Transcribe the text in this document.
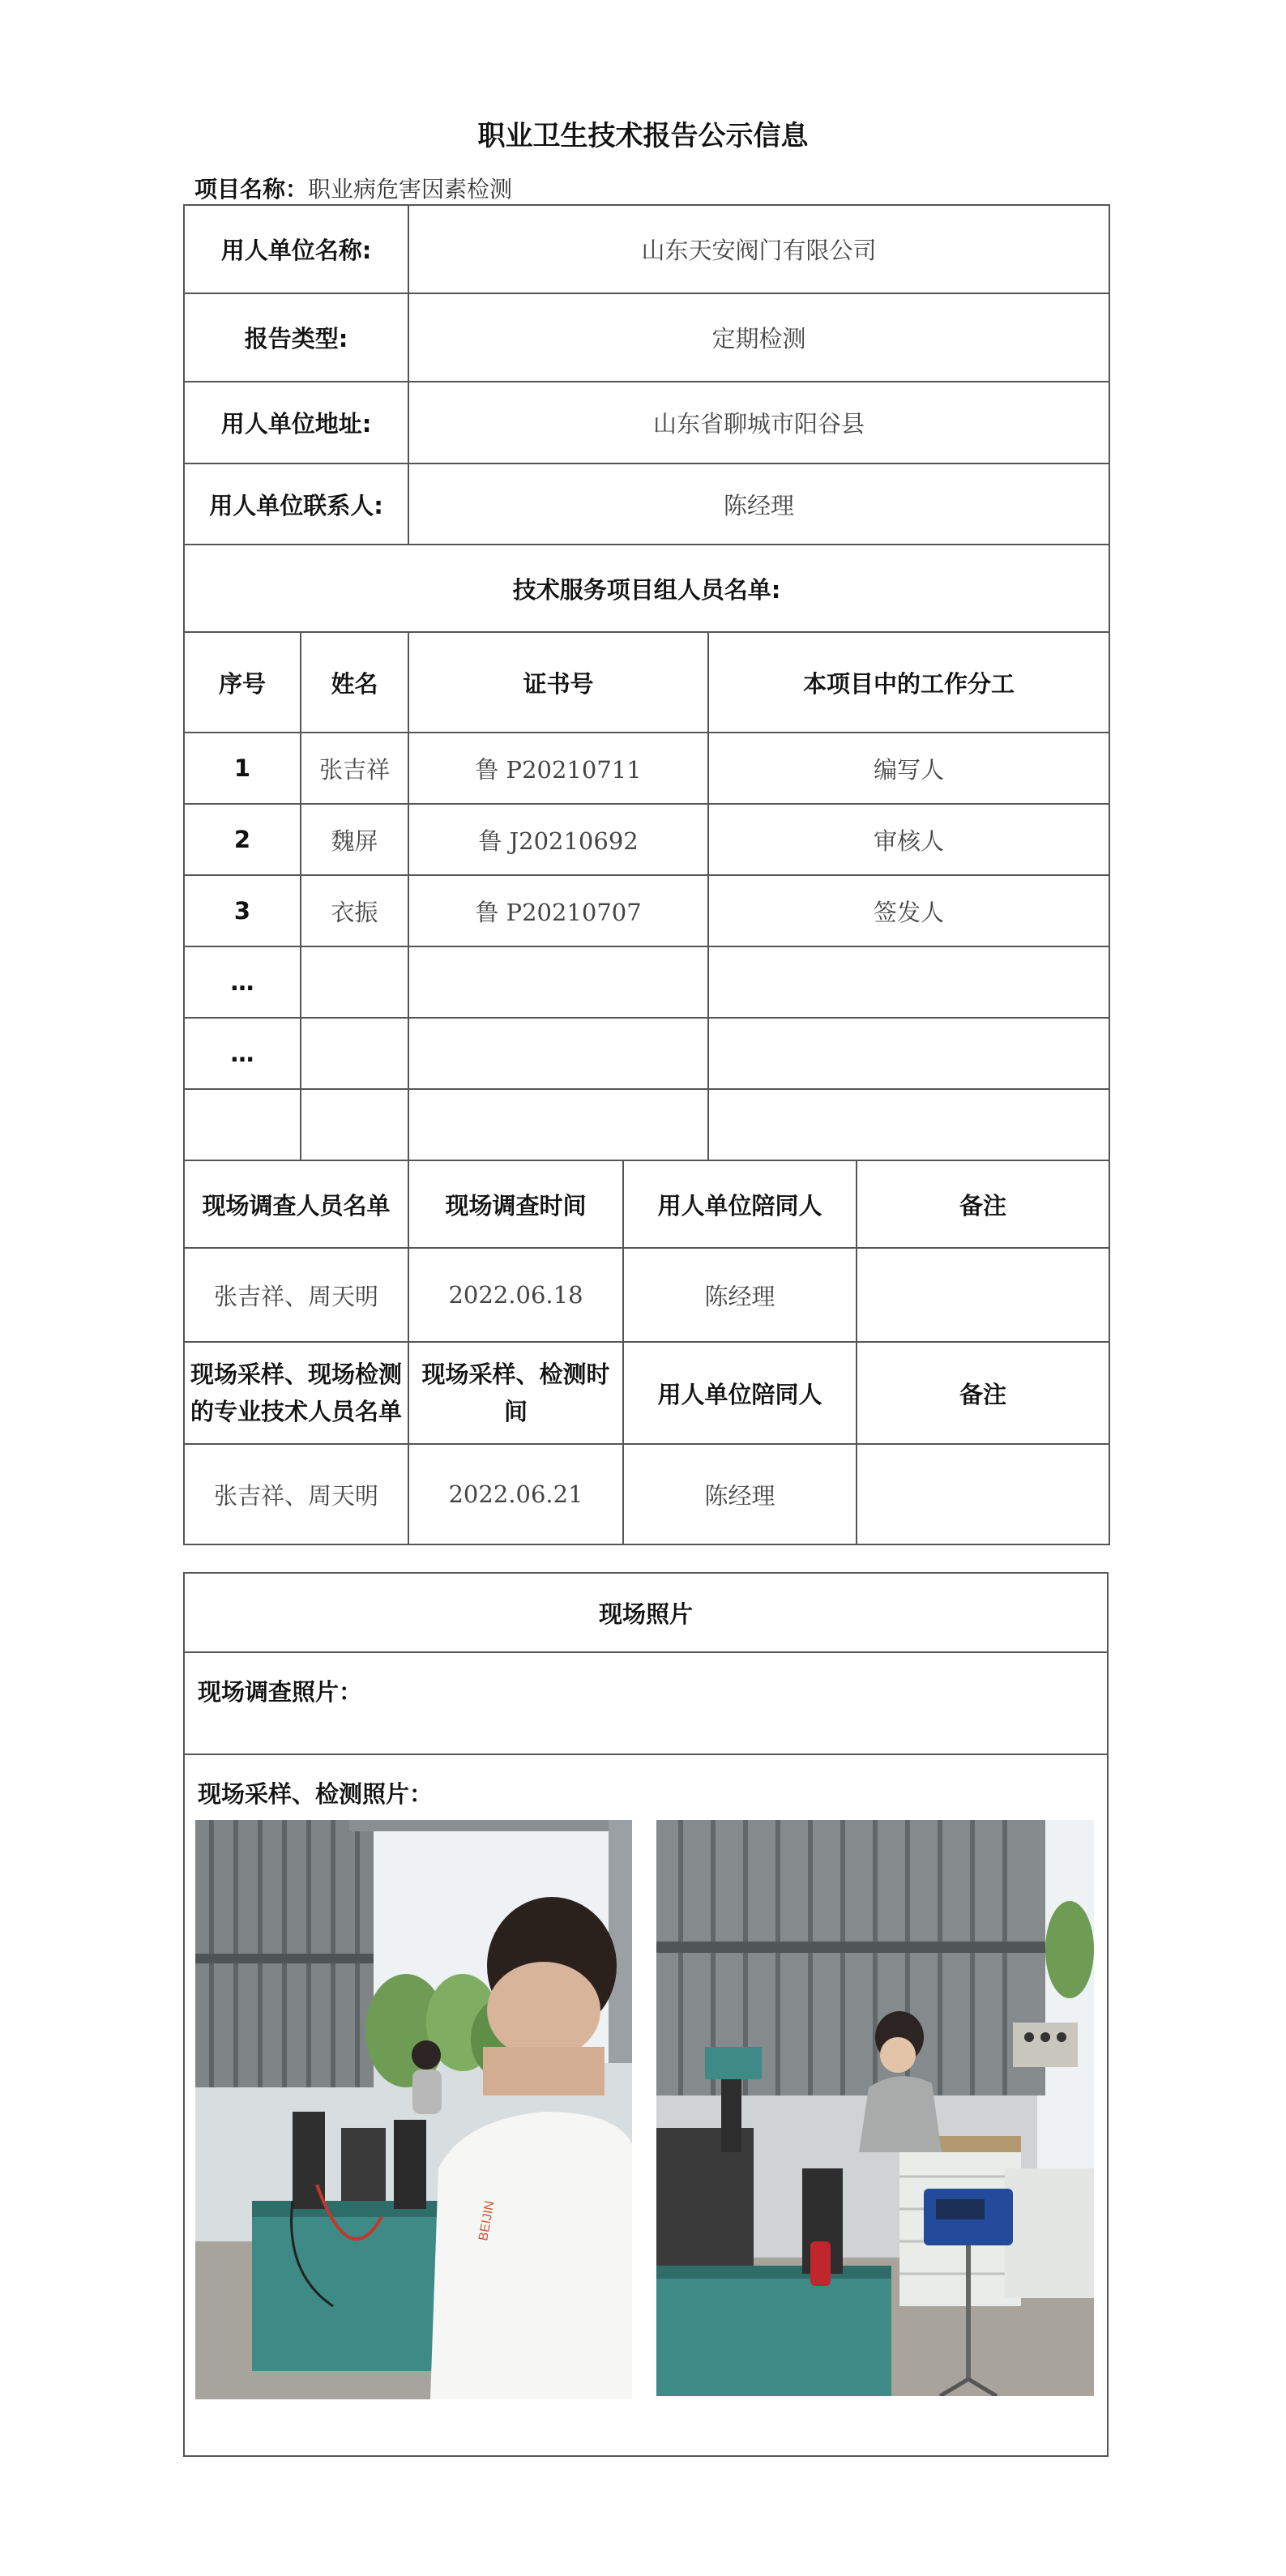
职业卫生技术报告公示信息
项目名称：职业病危害因素检测
用人单位名称:		山东天安阀门有限公司			
报告类型:		定期检测			
用人单位地址:		山东省聊城市阳谷县			
用人单位联系人:		陈经理			
技术服务项目组人员名单:					
序号	姓名	证书号		本项目中的工作分工	
1	张吉祥	鲁 P20210711		编写人	
2	魏屏	鲁 J20210692		审核人	
3	衣振	鲁 P20210707		签发人	
…					
…					

现场调查人员名单		现场调查时间	用人单位陪同人		备注
张吉祥、周天明		2022.06.18	陈经理		
现场采样、现场检测的专业技术人员名单		现场采样、检测时间	用人单位陪同人		备注
张吉祥、周天明		2022.06.21	陈经理		
现场照片
现场调查照片：
现场采样、检测照片：
BEIJIN
